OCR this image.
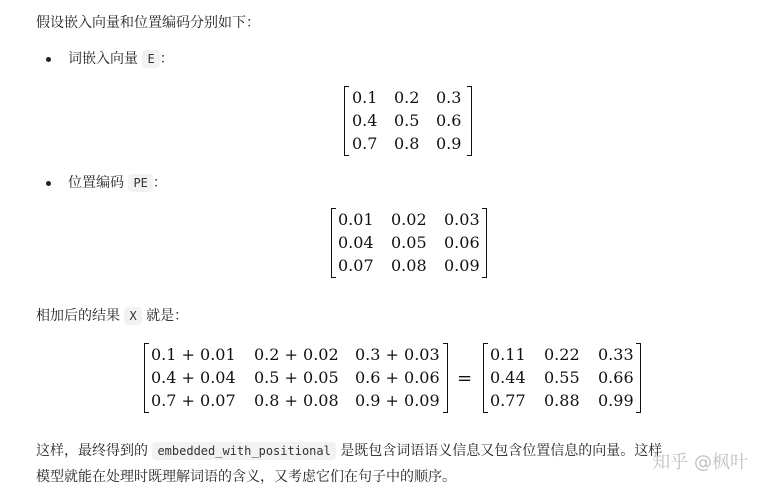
假设嵌入向量和位置编码分别如下：
词嵌入向量 E ：
0.1	0.2	0.3
0.4	0.5	0.6
0.7	0.8	0.9
位置编码 PE ：
0.01	0.02	0.03
0.04	0.05	0.06
0.07	0.08	0.09
相加后的结果 X 就是：
0.1 + 0.01	0.2 + 0.02	0.3 + 0.03
0.4 + 0.04	0.5 + 0.05	0.6 + 0.06
0.7 + 0.07	0.8 + 0.08	0.9 + 0.09
=
0.11	0.22	0.33
0.44	0.55	0.66
0.77	0.88	0.99
这样，最终得到的 embedded_with_positional 是既包含词语语义信息又包含位置信息的向量。这样
模型就能在处理时既理解词语的含义，又考虑它们在句子中的顺序。
知乎 @枫叶
